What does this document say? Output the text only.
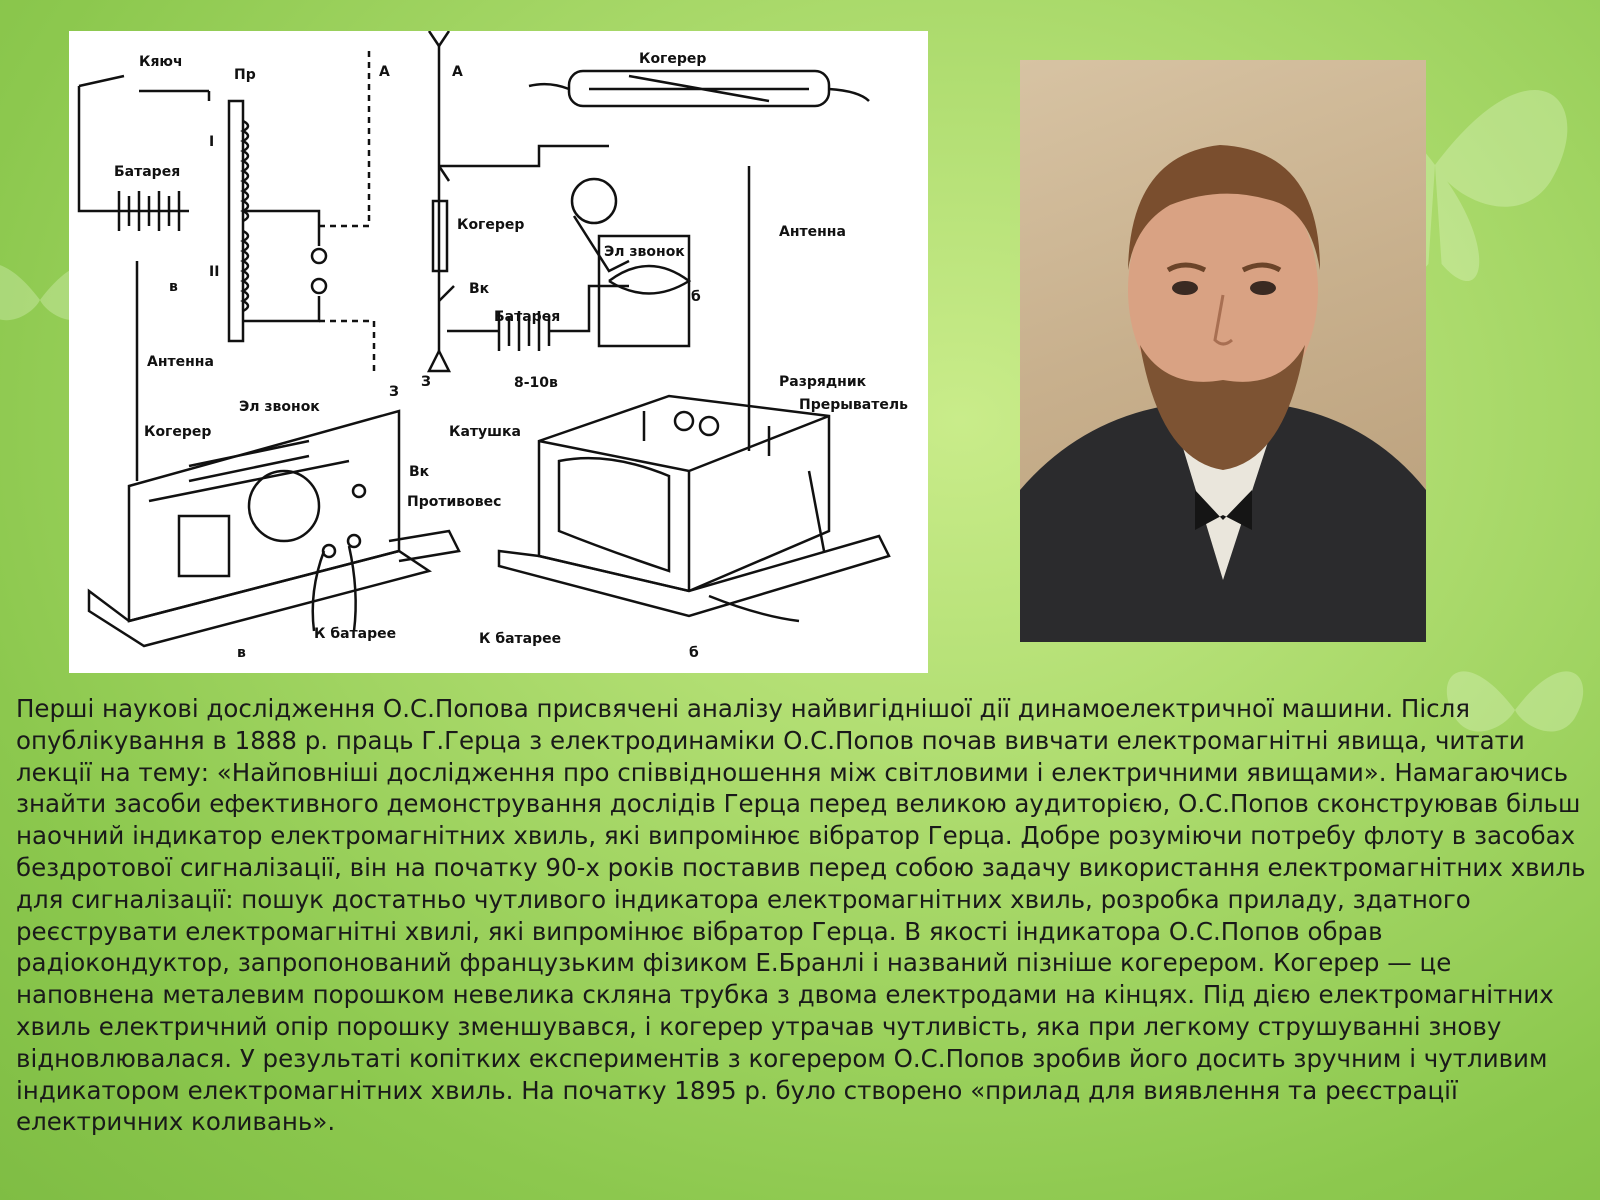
Кяюч
Пр
Батарея
I
II
в
Антенна
А	А
Когерер
Когерер
Эл звонок
Вк
Батарея
8-10в
б
З
З
Антенна
Эл звонок
Когерер
Вк
Противовес
К батарее
в
Катушка
Разрядник
Прерыватель
К батарее
б

Перші наукові дослідження О.С.Попова присвячені аналізу найвигіднішої дії динамоелектричної машини. Після опублікування в 1888 р. праць Г.Герца з електродинаміки О.С.Попов почав вивчати електромагнітні явища, читати лекції на тему: «Найповніші дослідження про співвідношення між світловими і електричними явищами». Намагаючись знайти засоби ефективного демонстрування дослідів Герца перед великою аудиторією, О.С.Попов сконструював більш наочний індикатор електромагнітних хвиль, які випромінює вібратор Герца. Добре розуміючи потребу флоту в засобах бездротової сигналізації, він на початку 90-х років поставив перед собою задачу використання електромагнітних хвиль для сигналізації: пошук достатньо чутливого індикатора електромагнітних хвиль, розробка приладу, здатного реєструвати електромагнітні хвилі, які випромінює вібратор Герца. В якості індикатора О.С.Попов обрав радіокондуктор, запропонований французьким фізиком Е.Бранлі і названий пізніше когерером. Когерер — це наповнена металевим порошком невелика скляна трубка з двома електродами на кінцях. Під дією електромагнітних хвиль електричний опір порошку зменшувався, і когерер утрачав чутливість, яка при легкому струшуванні знову відновлювалася. У результаті копітких експериментів з когерером О.С.Попов зробив його досить зручним і чутливим індикатором електромагнітних хвиль. На початку 1895 р. було створено «прилад для виявлення та реєстрації електричних коливань».
